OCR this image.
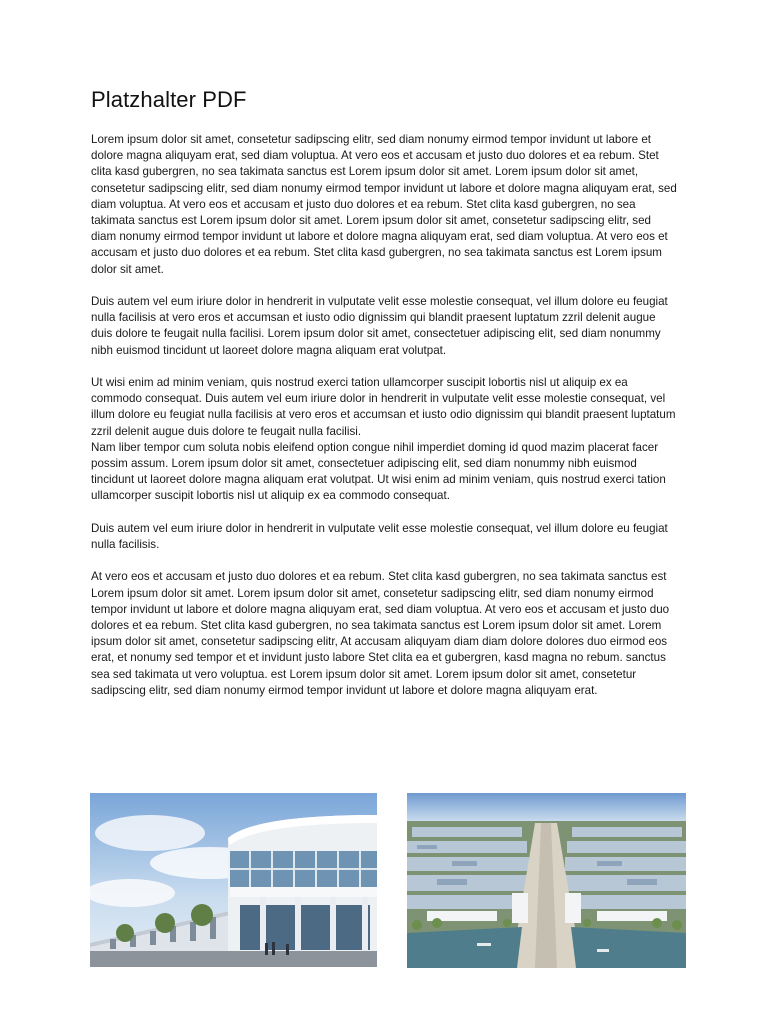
Platzhalter PDF

Lorem ipsum dolor sit amet, consetetur sadipscing elitr, sed diam nonumy eirmod tempor invidunt ut labore et dolore magna aliquyam erat, sed diam voluptua. At vero eos et accusam et justo duo dolores et ea rebum. Stet clita kasd gubergren, no sea takimata sanctus est Lorem ipsum dolor sit amet. Lorem ipsum dolor sit amet, consetetur sadipscing elitr, sed diam nonumy eirmod tempor invidunt ut labore et dolore magna aliquyam erat, sed diam voluptua. At vero eos et accusam et justo duo dolores et ea rebum. Stet clita kasd gubergren, no sea takimata sanctus est Lorem ipsum dolor sit amet. Lorem ipsum dolor sit amet, consetetur sadipscing elitr, sed diam nonumy eirmod tempor invidunt ut labore et dolore magna aliquyam erat, sed diam voluptua. At vero eos et accusam et justo duo dolores et ea rebum. Stet clita kasd gubergren, no sea takimata sanctus est Lorem ipsum dolor sit amet.

Duis autem vel eum iriure dolor in hendrerit in vulputate velit esse molestie consequat, vel illum dolore eu feugiat nulla facilisis at vero eros et accumsan et iusto odio dignissim qui blandit praesent luptatum zzril delenit augue duis dolore te feugait nulla facilisi. Lorem ipsum dolor sit amet, consectetuer adipiscing elit, sed diam nonummy nibh euismod tincidunt ut laoreet dolore magna aliquam erat volutpat.

Ut wisi enim ad minim veniam, quis nostrud exerci tation ullamcorper suscipit lobortis nisl ut aliquip ex ea commodo consequat. Duis autem vel eum iriure dolor in hendrerit in vulputate velit esse molestie consequat, vel illum dolore eu feugiat nulla facilisis at vero eros et accumsan et iusto odio dignissim qui blandit praesent luptatum zzril delenit augue duis dolore te feugait nulla facilisi.
Nam liber tempor cum soluta nobis eleifend option congue nihil imperdiet doming id quod mazim placerat facer possim assum. Lorem ipsum dolor sit amet, consectetuer adipiscing elit, sed diam nonummy nibh euismod tincidunt ut laoreet dolore magna aliquam erat volutpat. Ut wisi enim ad minim veniam, quis nostrud exerci tation ullamcorper suscipit lobortis nisl ut aliquip ex ea commodo consequat.

Duis autem vel eum iriure dolor in hendrerit in vulputate velit esse molestie consequat, vel illum dolore eu feugiat nulla facilisis.

At vero eos et accusam et justo duo dolores et ea rebum. Stet clita kasd gubergren, no sea takimata sanctus est Lorem ipsum dolor sit amet. Lorem ipsum dolor sit amet, consetetur sadipscing elitr, sed diam nonumy eirmod tempor invidunt ut labore et dolore magna aliquyam erat, sed diam voluptua. At vero eos et accusam et justo duo dolores et ea rebum. Stet clita kasd gubergren, no sea takimata sanctus est Lorem ipsum dolor sit amet. Lorem ipsum dolor sit amet, consetetur sadipscing elitr, At accusam aliquyam diam diam dolore dolores duo eirmod eos erat, et nonumy sed tempor et et invidunt justo labore Stet clita ea et gubergren, kasd magna no rebum. sanctus sea sed takimata ut vero voluptua. est Lorem ipsum dolor sit amet. Lorem ipsum dolor sit amet, consetetur sadipscing elitr, sed diam nonumy eirmod tempor invidunt ut labore et dolore magna aliquyam erat.
